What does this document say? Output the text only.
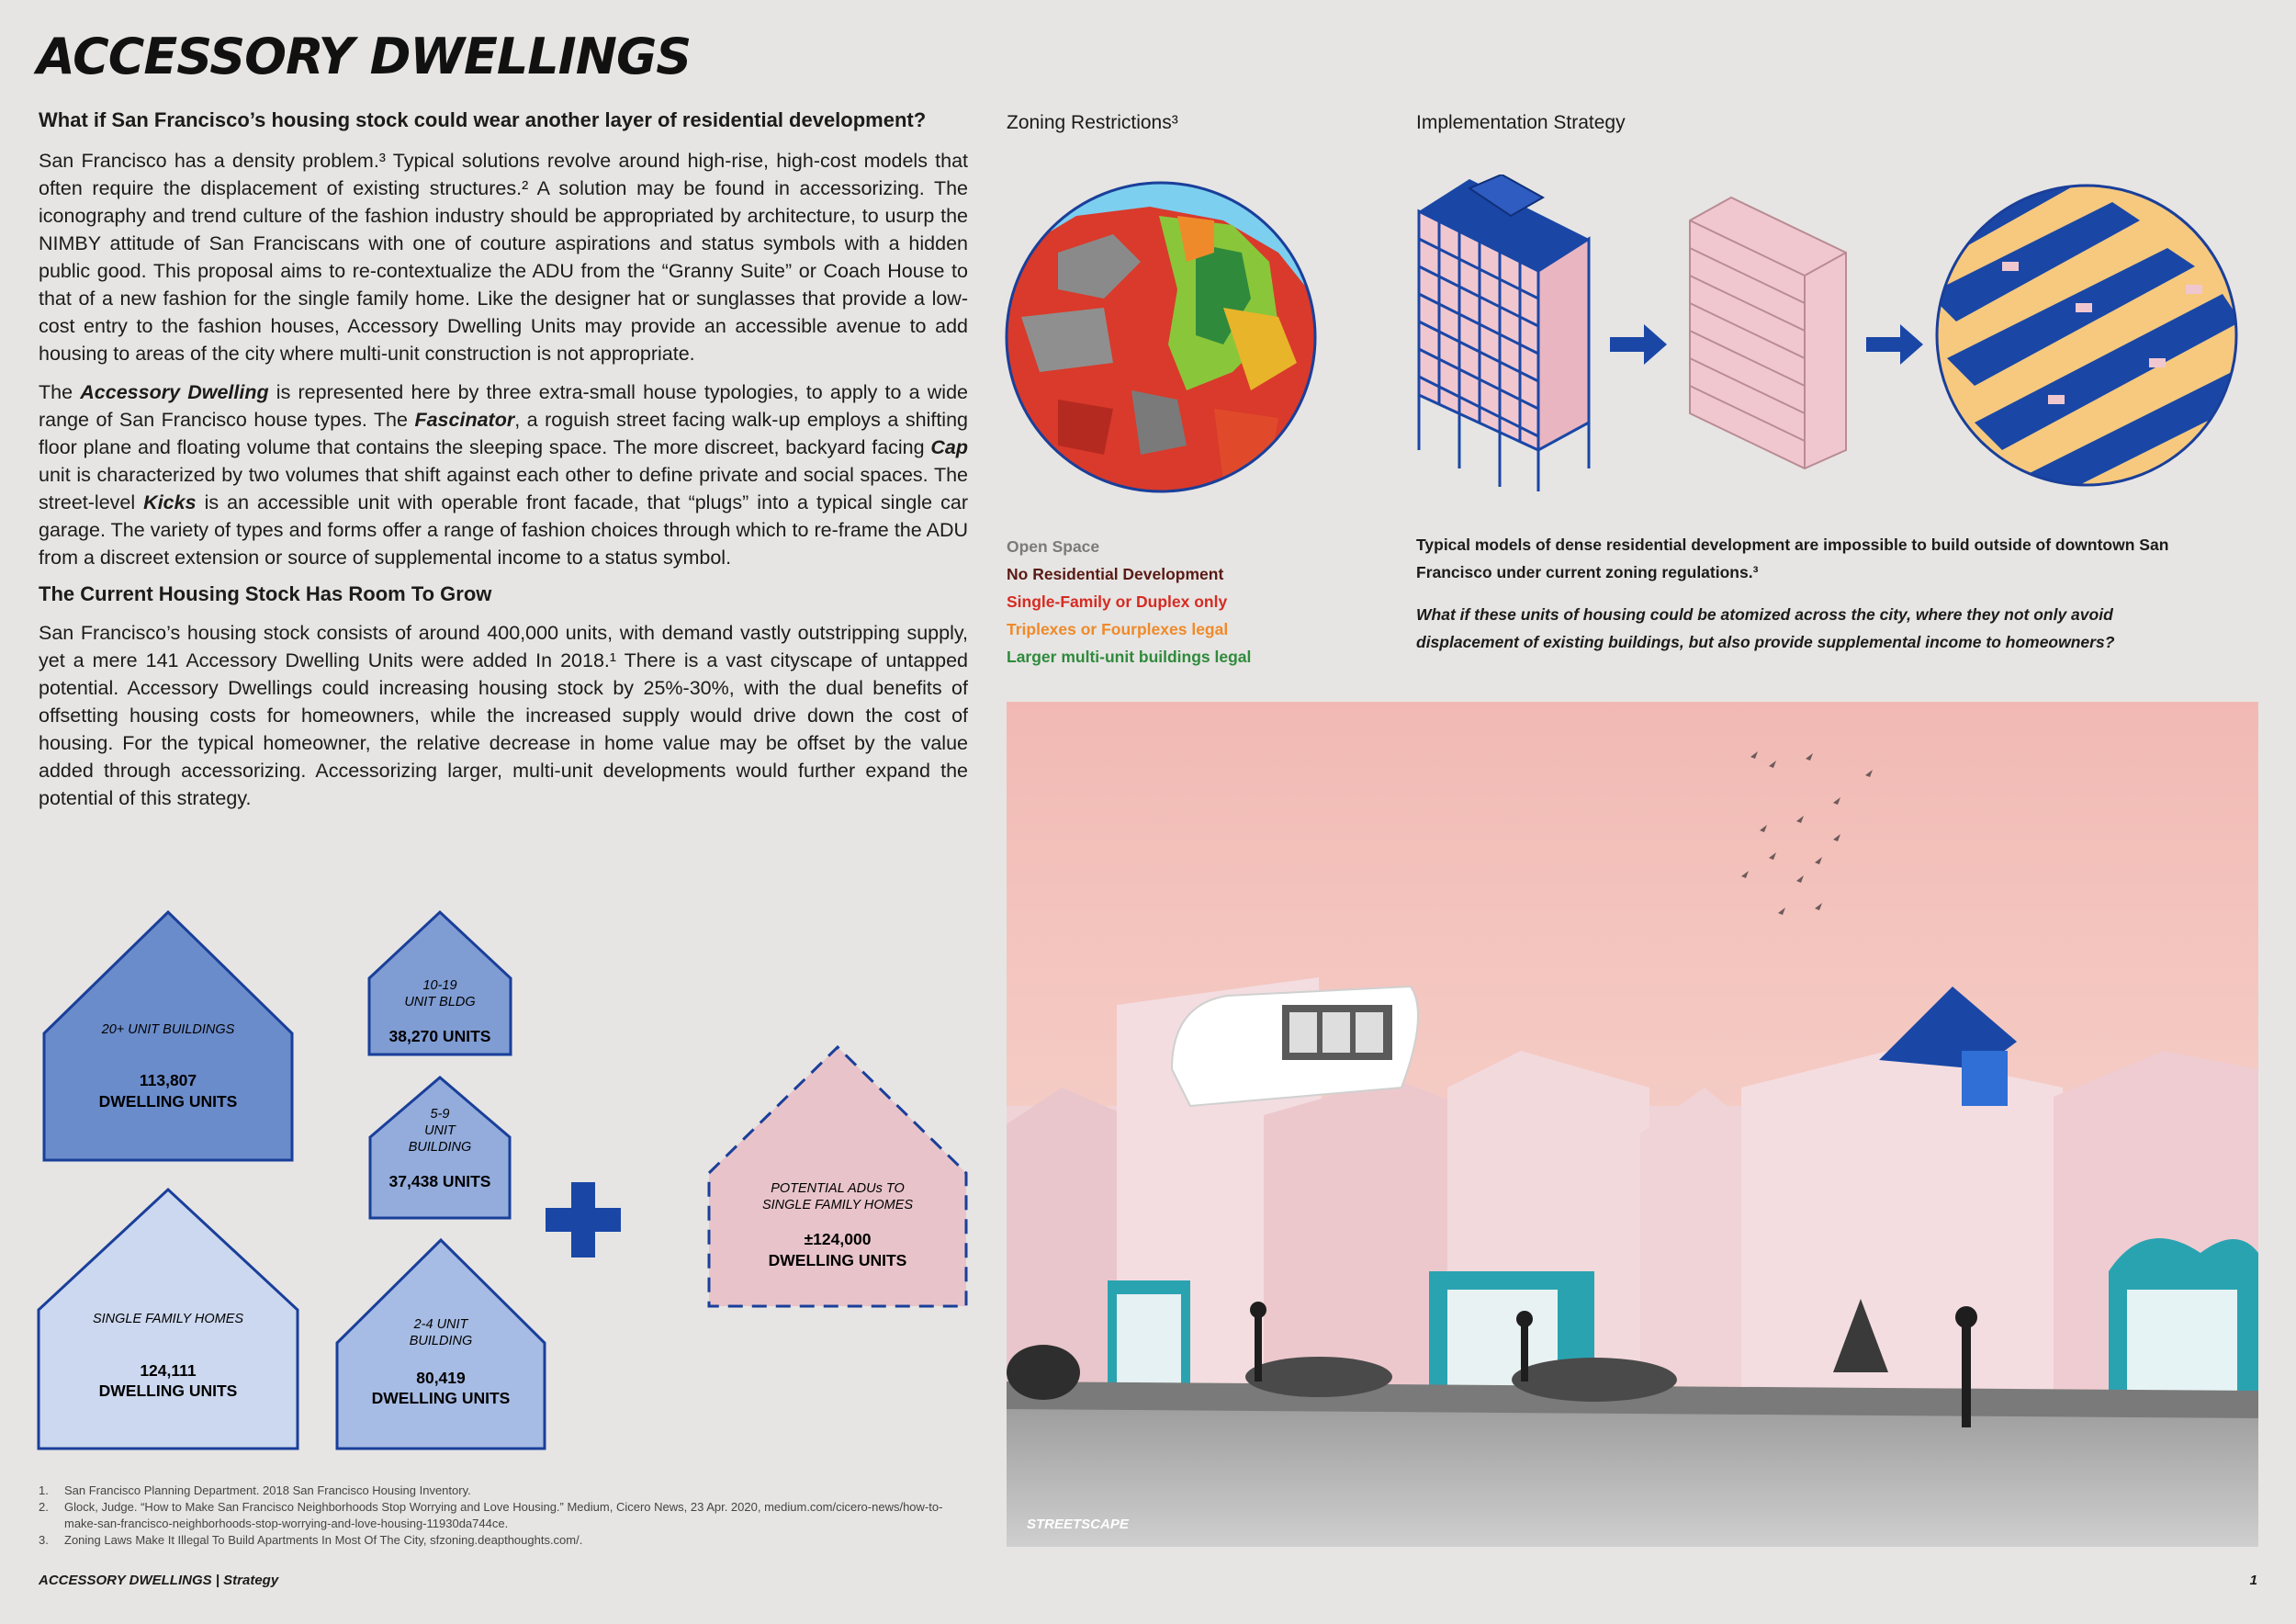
ACCESSORY DWELLINGS

What if San Francisco’s housing stock could wear another layer of residential development?

San Francisco has a density problem.³ Typical solutions revolve around high-rise, high-cost models that often require the displacement of existing structures.² A solution may be found in accessorizing. The iconography and trend culture of the fashion industry should be appropriated by architecture, to usurp the NIMBY attitude of San Franciscans with one of couture aspirations and status symbols with a hidden public good. This proposal aims to re-contextualize the ADU from the “Granny Suite” or Coach House to that of a new fashion for the single family home. Like the designer hat or sunglasses that provide a low-cost entry to the fashion houses, Accessory Dwelling Units may provide an accessible avenue to add housing to areas of the city where multi-unit construction is not appropriate.

The Accessory Dwelling is represented here by three extra-small house typologies, to apply to a wide range of San Francisco house types. The Fascinator, a roguish street facing walk-up employs a shifting floor plane and floating volume that contains the sleeping space. The more discreet, backyard facing Cap unit is characterized by two volumes that shift against each other to define private and social spaces. The street-level Kicks is an accessible unit with operable front facade, that “plugs” into a typical single car garage. The variety of types and forms offer a range of fashion choices through which to re-frame the ADU from a discreet extension or source of supplemental income to a status symbol.

The Current Housing Stock Has Room To Grow

San Francisco’s housing stock consists of around 400,000 units, with demand vastly outstripping supply, yet a mere 141 Accessory Dwelling Units were added In 2018.¹ There is a vast cityscape of untapped potential. Accessory Dwellings could increasing housing stock by 25%-30%, with the dual benefits of offsetting housing costs for homeowners, while the increased supply would drive down the cost of housing. For the typical homeowner, the relative decrease in home value may be offset by the value added through accessorizing. Accessorizing larger, multi-unit developments would further expand the potential of this strategy.

20+ UNIT BUILDINGS
113,807
DWELLING UNITS
10-19
UNIT BLDG
38,270 UNITS
5-9
UNIT
BUILDING
37,438 UNITS
SINGLE FAMILY HOMES
124,111
DWELLING UNITS
2-4 UNIT
BUILDING
80,419
DWELLING UNITS
POTENTIAL ADUs TO
SINGLE FAMILY HOMES
±124,000
DWELLING UNITS
Zoning Restrictions³
Open Space
No Residential Development
Single-Family or Duplex only
Triplexes or Fourplexes legal
Larger multi-unit buildings legal
Implementation Strategy

Typical models of dense residential development are impossible to build outside of downtown San Francisco under current zoning regulations.³

What if these units of housing could be atomized across the city, where they not only avoid displacement of existing buildings, but also provide supplemental income to homeowners?

STREETSCAPE
1.	San Francisco Planning Department. 2018 San Francisco Housing Inventory.
2.	Glock, Judge. “How to Make San Francisco Neighborhoods Stop Worrying and Love Housing.” Medium, Cicero News, 23 Apr. 2020, medium.com/cicero-news/how-to-make-san-francisco-neighborhoods-stop-worrying-and-love-housing-11930da744ce.
3.	Zoning Laws Make It Illegal To Build Apartments In Most Of The City, sfzoning.deapthoughts.com/.
ACCESSORY DWELLINGS | Strategy	1
